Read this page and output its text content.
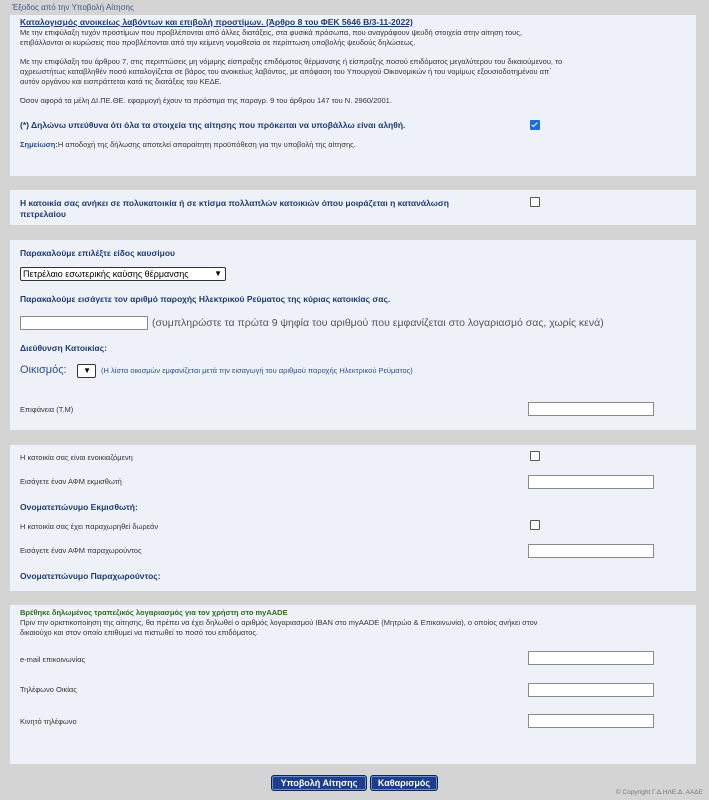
Έξοδος από την Υποβολή Αίτησης
Καταλογισμός ανοικείως λαβόντων και επιβολή προστίμων. (Άρθρο 8 του ΦΕΚ 5646 Β/3-11-2022)
Με την επιφύλαξη τυχόν προστίμων που προβλέπονται από άλλες διατάξεις, στα φυσικά πρόσωπα, που αναγράφουν ψευδή στοιχεία στην αίτηση τους,
επιβάλλονται οι κυρώσεις που προβλέπονται από την κείμενη νομοθεσία σε περίπτωση υποβολής ψευδούς δηλώσεως.
Με την επιφύλαξη του άρθρου 7, στις περιπτώσεις μη νόμιμης είσπραξης επιδόματος θέρμανσης ή είσπραξης ποσού επιδόματος μεγαλύτερου του δικαιούμενου, το
αχρεωστήτως καταβληθέν ποσό καταλογίζεται σε βάρος του ανοικείως λαβόντος, με απόφαση του Υπουργού Οικονομικών ή του νομίμως εξουσιοδοτημένου απ΄
αυτόν οργάνου και εισπράττεται κατά τις διατάξεις του ΚΕΔΕ.
Όσον αφορά τα μέλη ΔΙ.ΠΕ.ΘΕ. εφαρμογή έχουν τα πρόστιμα της παραγρ. 9 του άρθρου 147 του Ν. 2960/2001.
(*) Δηλώνω υπεύθυνα ότι όλα τα στοιχεία της αίτησης που πρόκειται να υποβάλλω είναι αληθή.
Σημείωση:Η αποδοχή της δήλωσης αποτελεί απαραίτητη προϋπόθεση για την υποβολή της αίτησης.
Η κατοικία σας ανήκει σε πολυκατοικία ή σε κτίσμα πολλαπλών κατοικιών όπου μοιράζεται η κατανάλωση
πετρελαίου
Παρακαλούμε επιλέξτε είδος καυσίμου
Πετρέλαιο εσωτερικής καύσης θέρμανσης	▼
Παρακαλούμε εισάγετε τον αριθμό παροχής Ηλεκτρικού Ρεύματος της κύριας κατοικίας σας.
(συμπληρώστε τα πρώτα 9 ψηφία του αριθμού που εμφανίζεται στο λογαριασμό σας, χωρίς κενά)
Διεύθυνση Κατοικίας:
Οικισμός: ▼ (Η λίστα οικισμών εμφανίζεται μετά την εισαγωγή του αριθμού παροχής Ηλεκτρικού Ρεύματος)
Επιφάνεια (Τ.Μ)
Η κατοικία σας είναι ενοικιαζόμενη
Εισάγετε έναν ΑΦΜ εκμισθωτή
Ονοματεπώνυμο Εκμισθωτή:
Η κατοικία σας έχει παραχωρηθεί δωρεάν
Εισάγετε έναν ΑΦΜ παραχωρούντος
Ονοματεπώνυμο Παραχωρούντος:
Βρέθηκε δηλωμένος τραπεζικός λογαριασμός για τον χρήστη στο myAADE
Πριν την οριστικοποίηση της αίτησης, θα πρέπει να έχει δηλωθεί ο αριθμός λογαριασμού IBAN στο myAADE (Μητρώο & Επικοινωνία), ο οποίος ανήκει στον
δικαιούχο και στον οποίο επιθυμεί να πιστωθεί το ποσό του επιδόματος.
e-mail επικοινωνίας
Τηλέφωνο Οικίας
Κινητό τηλέφωνο
Υποβολή Αίτησης	Καθαρισμός
© Copyright Γ.Δ.ΗΛΕ.Δ. ΑΑΔΕ
